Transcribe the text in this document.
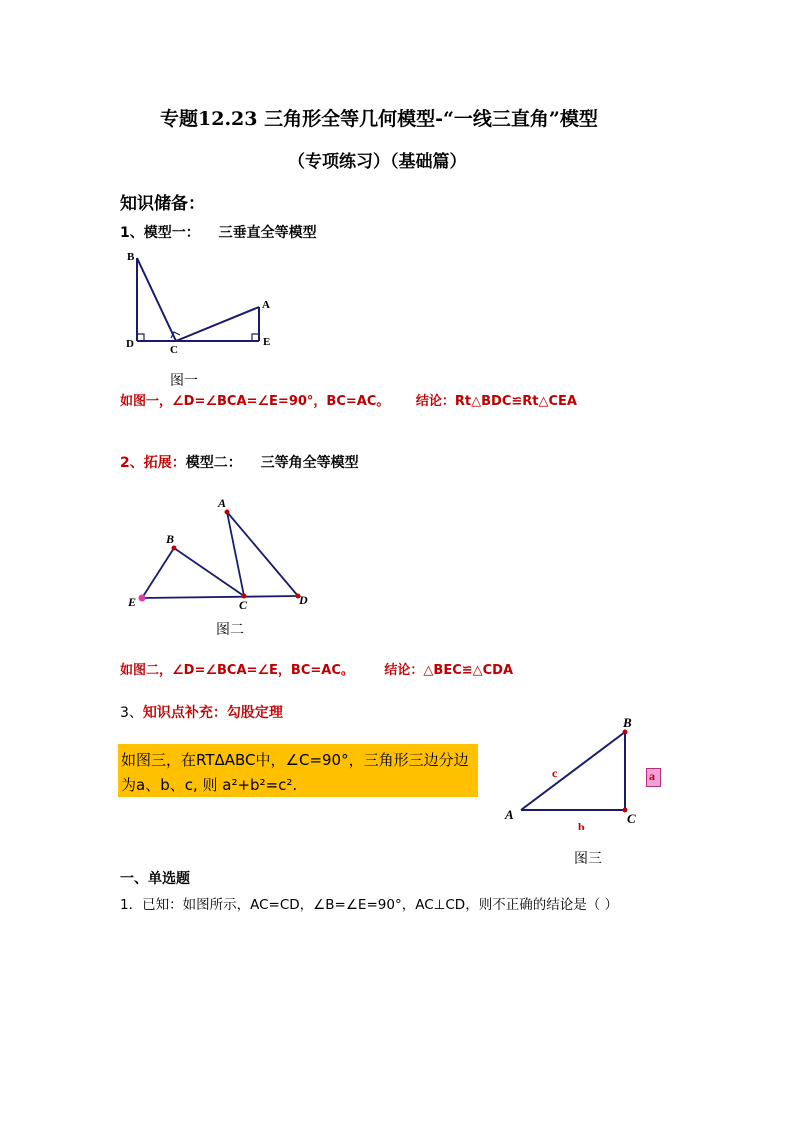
专题12.23 三角形全等几何模型-“一线三直角”模型
（专项练习）（基础篇）
知识储备：
1、模型一： 三垂直全等模型
B
A
D	C
E
图一
如图一，∠D=∠BCA=∠E=90°，BC=AC。 结论：Rt△BDC≌Rt△CEA
2、拓展：模型二： 三等角全等模型
A
B
E	C	D
图二
如图二，∠D=∠BCA=∠E，BC=AC。 结论：△BEC≌△CDA
3、知识点补充：勾股定理
如图三，在RTΔABC中，∠C=90°，三角形三边分边
为a、b、c, 则 a²+b²=c².
B
A	C
c
b
a
图三
一、单选题
1．已知：如图所示，AC=CD，∠B=∠E=90°，AC⊥CD，则不正确的结论是（ ）
